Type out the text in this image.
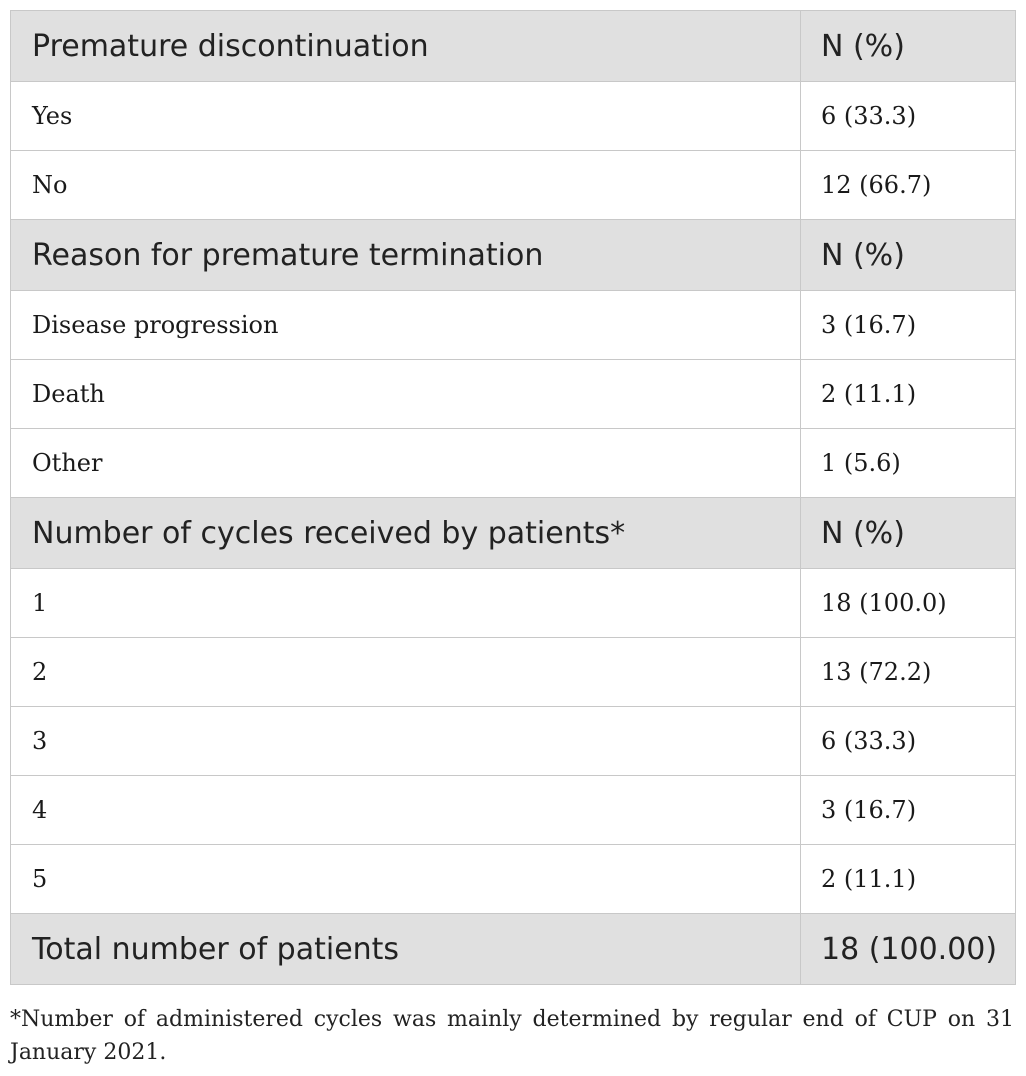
Premature discontinuation	N (%)
Yes	6 (33.3)
No	12 (66.7)
Reason for premature termination	N (%)
Disease progression	3 (16.7)
Death	2 (11.1)
Other	1 (5.6)
Number of cycles received by patients*	N (%)
1	18 (100.0)
2	13 (72.2)
3	6 (33.3)
4	3 (16.7)
5	2 (11.1)
Total number of patients	18 (100.00)
*Number of administered cycles was mainly determined by regular end of CUP on 31 January 2021.
